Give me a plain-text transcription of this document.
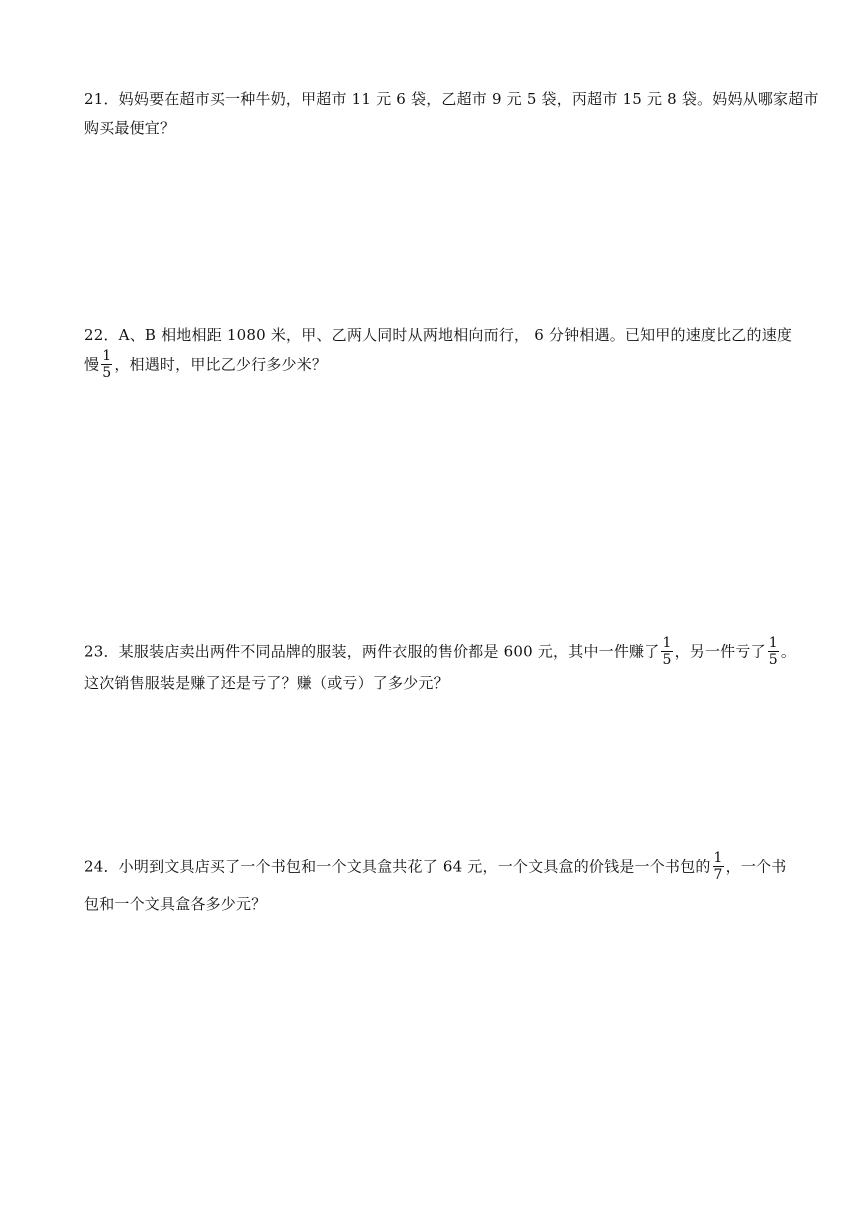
21．妈妈要在超市买一种牛奶，甲超市 11 元 6 袋，乙超市 9 元 5 袋，丙超市 15 元 8 袋。妈妈从哪家超市
购买最便宜？
22．A、B 相地相距 1080 米，甲、乙两人同时从两地相向而行， 6 分钟相遇。已知甲的速度比乙的速度
慢 $\frac{1}{5}$ ，相遇时，甲比乙少行多少米？
23．某服装店卖出两件不同品牌的服装，两件衣服的售价都是 600 元，其中一件赚了 $\frac{1}{5}$ ，另一件亏了 $\frac{1}{5}$ 。
这次销售服装是赚了还是亏了？赚（或亏）了多少元？
24．小明到文具店买了一个书包和一个文具盒共花了 64 元，一个文具盒的价钱是一个书包的 $\frac{1}{7}$ ，一个书
包和一个文具盒各多少元？
